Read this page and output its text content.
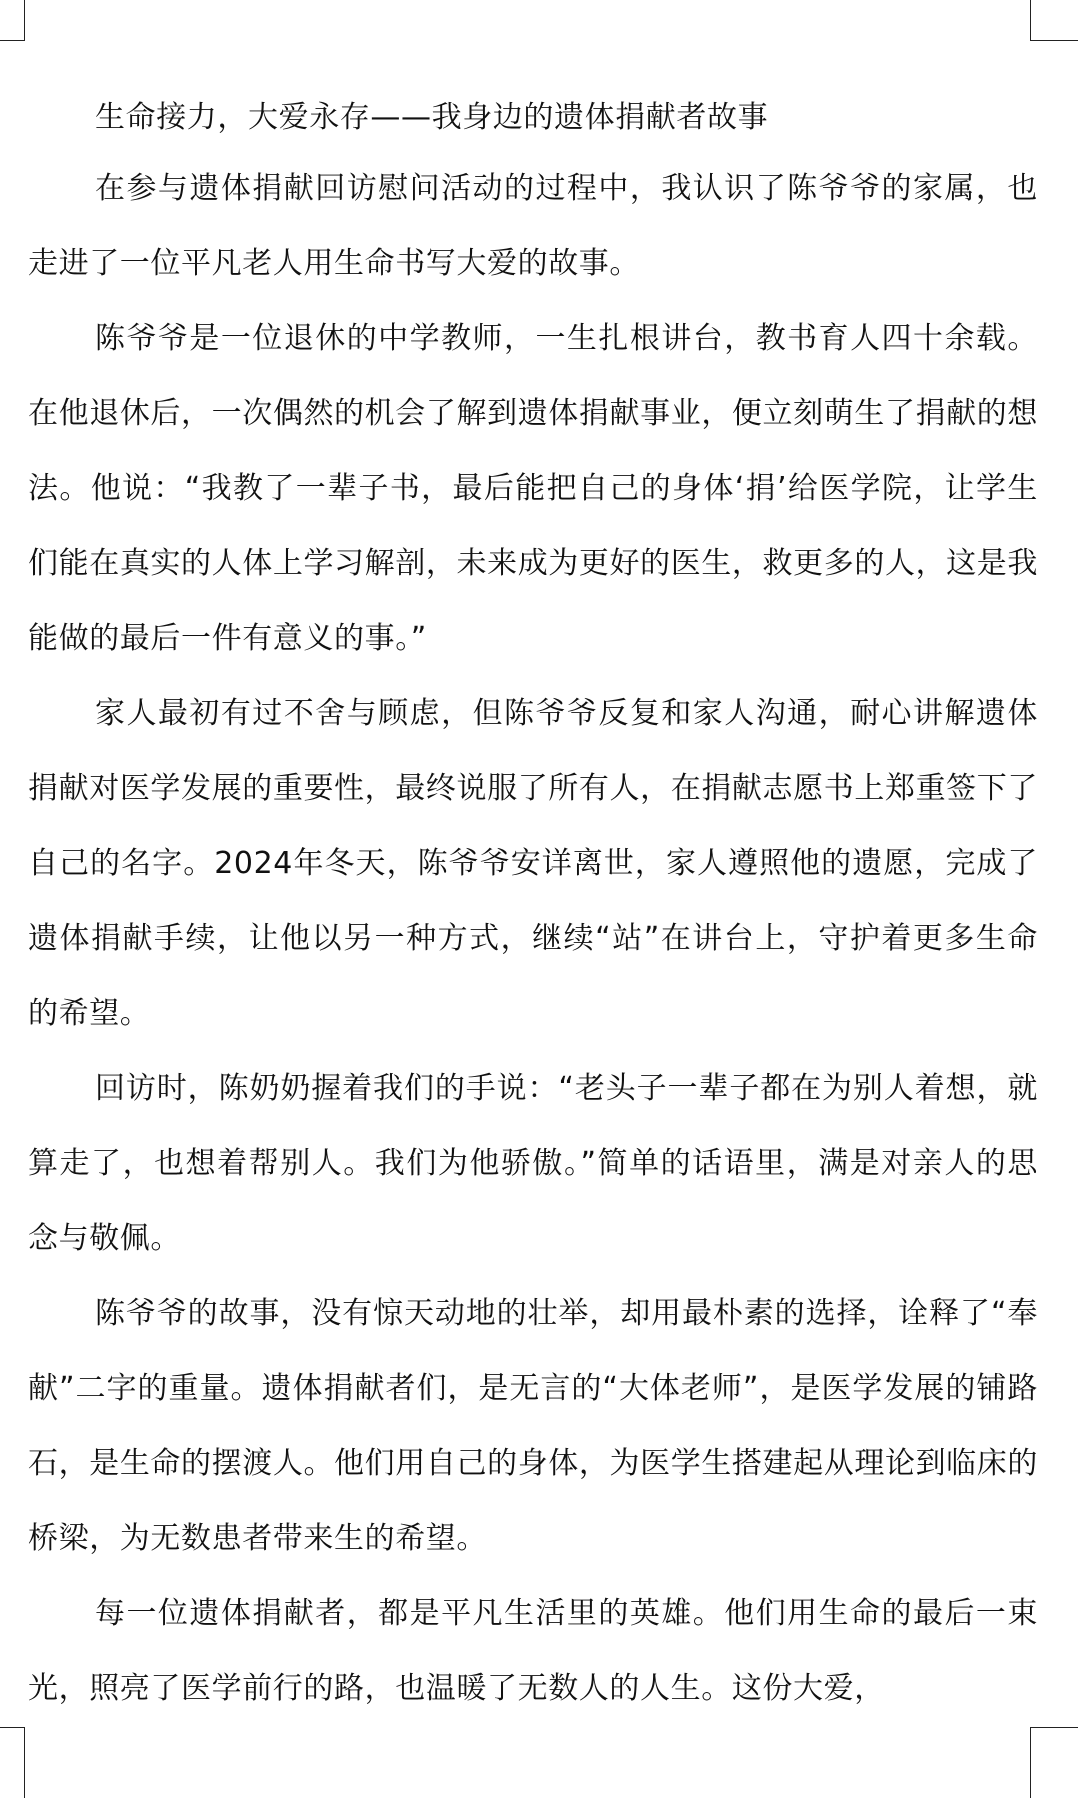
生命接力，大爱永存——我身边的遗体捐献者故事

在参与遗体捐献回访慰问活动的过程中，我认识了陈爷爷的家属，也走进了一位平凡老人用生命书写大爱的故事。

陈爷爷是一位退休的中学教师，一生扎根讲台，教书育人四十余载。在他退休后，一次偶然的机会了解到遗体捐献事业，便立刻萌生了捐献的想法。他说：“我教了一辈子书，最后能把自己的身体‘捐’给医学院，让学生们能在真实的人体上学习解剖，未来成为更好的医生，救更多的人，这是我能做的最后一件有意义的事。”

家人最初有过不舍与顾虑，但陈爷爷反复和家人沟通，耐心讲解遗体捐献对医学发展的重要性，最终说服了所有人，在捐献志愿书上郑重签下了自己的名字。2024年冬天，陈爷爷安详离世，家人遵照他的遗愿，完成了遗体捐献手续，让他以另一种方式，继续“站”在讲台上，守护着更多生命的希望。

回访时，陈奶奶握着我们的手说：“老头子一辈子都在为别人着想，就算走了，也想着帮别人。我们为他骄傲。”简单的话语里，满是对亲人的思念与敬佩。

陈爷爷的故事，没有惊天动地的壮举，却用最朴素的选择，诠释了“奉献”二字的重量。遗体捐献者们，是无言的“大体老师”，是医学发展的铺路石，是生命的摆渡人。他们用自己的身体，为医学生搭建起从理论到临床的桥梁，为无数患者带来生的希望。

每一位遗体捐献者，都是平凡生活里的英雄。他们用生命的最后一束光，照亮了医学前行的路，也温暖了无数人的人生。这份大爱，
